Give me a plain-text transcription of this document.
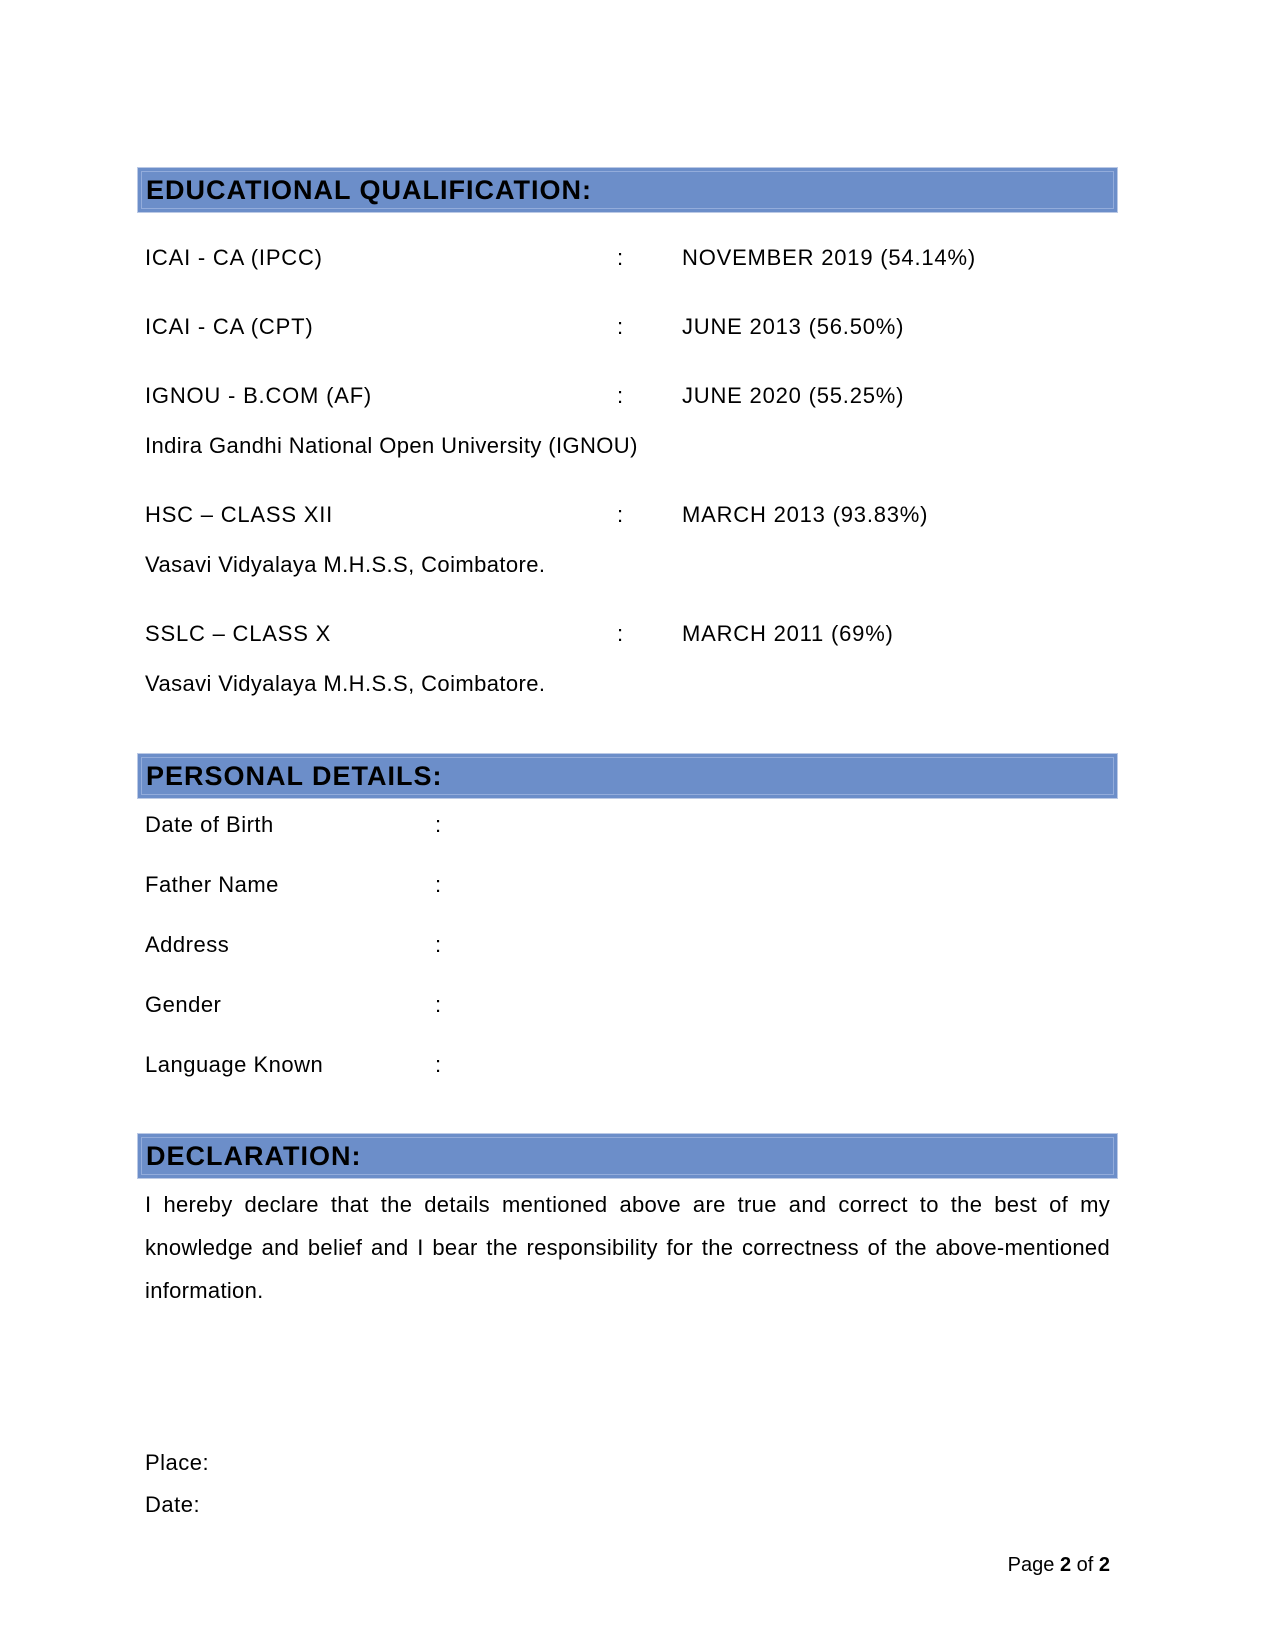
EDUCATIONAL QUALIFICATION:
ICAI - CA (IPCC)	:	NOVEMBER 2019 (54.14%)
ICAI - CA (CPT)	:	JUNE 2013 (56.50%)
IGNOU - B.COM (AF)	:	JUNE 2020 (55.25%)
Indira Gandhi National Open University (IGNOU)
HSC – CLASS XII	:	MARCH 2013 (93.83%)
Vasavi Vidyalaya M.H.S.S, Coimbatore.
SSLC – CLASS X	:	MARCH 2011 (69%)
Vasavi Vidyalaya M.H.S.S, Coimbatore.
PERSONAL DETAILS:
Date of Birth	:
Father Name	:
Address	:
Gender	:
Language Known	:
DECLARATION:

I hereby declare that the details mentioned above are true and correct to the best of my knowledge and belief and I bear the responsibility for the correctness of the above-mentioned information.

Place:
Date:
Page 2 of 2
